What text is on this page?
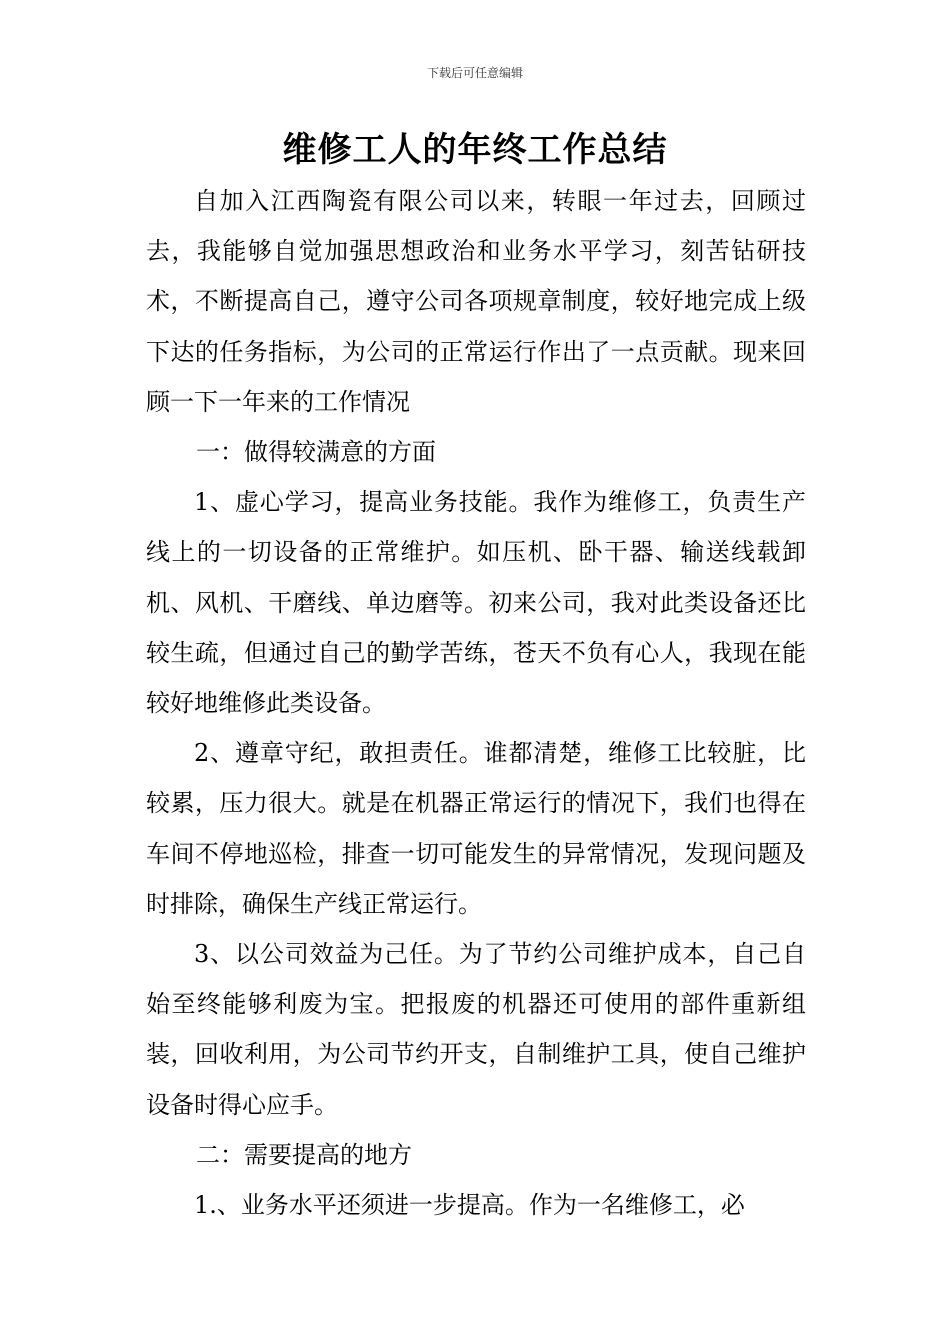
下载后可任意编辑
维修工人的年终工作总结

自加入江西陶瓷有限公司以来，转眼一年过去，回顾过去，我能够自觉加强思想政治和业务水平学习，刻苦钻研技术，不断提高自己，遵守公司各项规章制度，较好地完成上级下达的任务指标，为公司的正常运行作出了一点贡献。现来回顾一下一年来的工作情况

一：做得较满意的方面

1、虚心学习，提高业务技能。我作为维修工，负责生产线上的一切设备的正常维护。如压机、卧干器、输送线载卸机、风机、干磨线、单边磨等。初来公司，我对此类设备还比较生疏，但通过自己的勤学苦练，苍天不负有心人，我现在能较好地维修此类设备。

2、遵章守纪，敢担责任。谁都清楚，维修工比较脏，比较累，压力很大。就是在机器正常运行的情况下，我们也得在车间不停地巡检，排查一切可能发生的异常情况，发现问题及时排除，确保生产线正常运行。

3、以公司效益为己任。为了节约公司维护成本，自己自始至终能够利废为宝。把报废的机器还可使用的部件重新组装，回收利用，为公司节约开支，自制维护工具，使自己维护设备时得心应手。

二：需要提高的地方

1.、业务水平还须进一步提高。作为一名维修工，必
